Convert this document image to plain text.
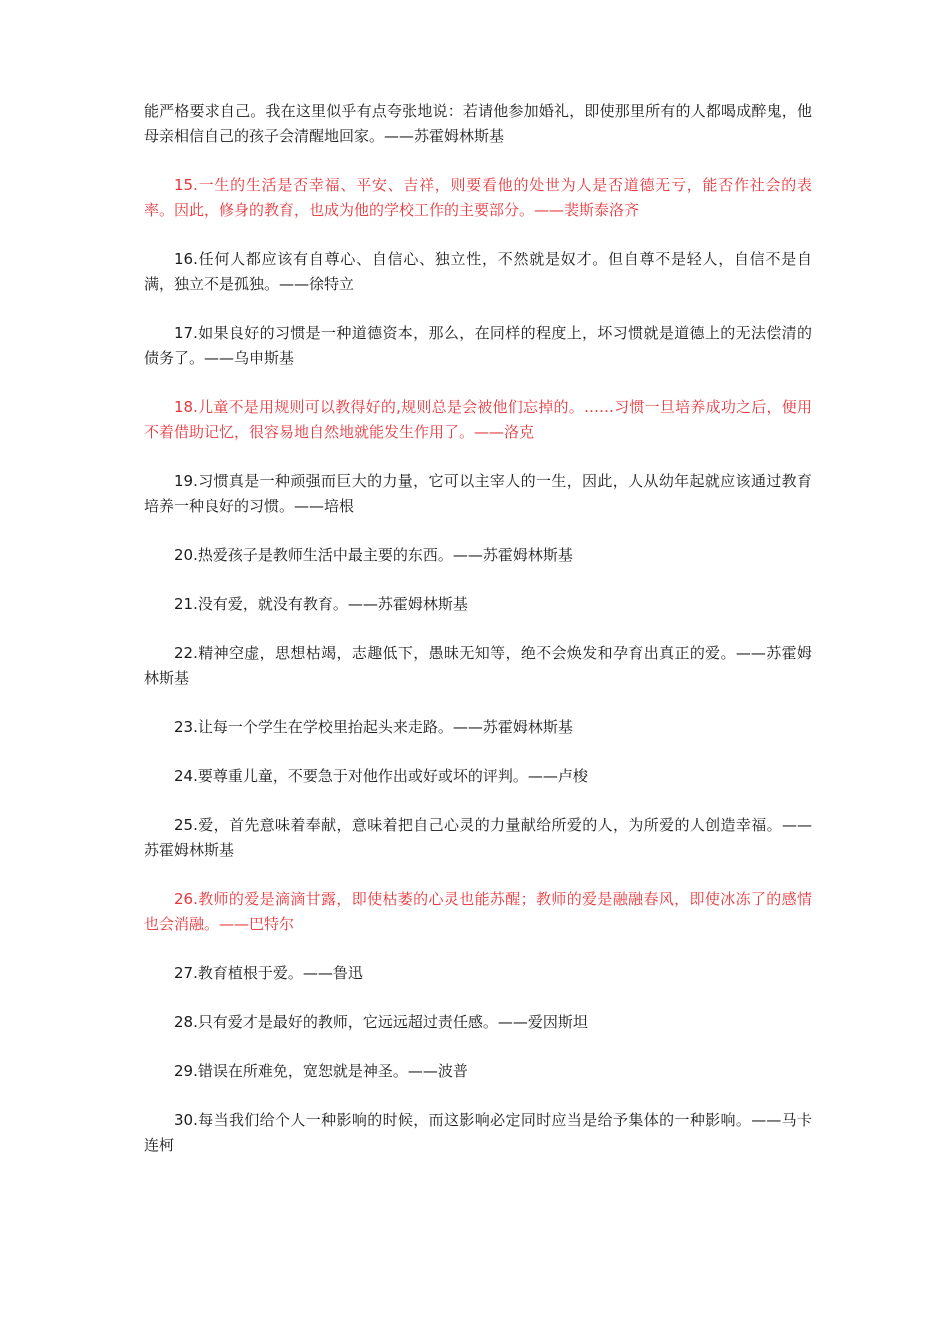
能严格要求自己。我在这里似乎有点夸张地说：若请他参加婚礼，即使那里所有的人都喝成醉鬼，他母亲相信自己的孩子会清醒地回家。——苏霍姆林斯基

15.一生的生活是否幸福、平安、吉祥，则要看他的处世为人是否道德无亏，能否作社会的表率。因此，修身的教育，也成为他的学校工作的主要部分。——裴斯泰洛齐

16.任何人都应该有自尊心、自信心、独立性，不然就是奴才。但自尊不是轻人，自信不是自满，独立不是孤独。——徐特立

17.如果良好的习惯是一种道德资本，那么，在同样的程度上，坏习惯就是道德上的无法偿清的债务了。——乌申斯基

18.儿童不是用规则可以教得好的,规则总是会被他们忘掉的。……习惯一旦培养成功之后，便用不着借助记忆，很容易地自然地就能发生作用了。——洛克

19.习惯真是一种顽强而巨大的力量，它可以主宰人的一生，因此，人从幼年起就应该通过教育培养一种良好的习惯。——培根

20.热爱孩子是教师生活中最主要的东西。——苏霍姆林斯基

21.没有爱，就没有教育。——苏霍姆林斯基

22.精神空虚，思想枯竭，志趣低下，愚昧无知等，绝不会焕发和孕育出真正的爱。——苏霍姆林斯基

23.让每一个学生在学校里抬起头来走路。——苏霍姆林斯基

24.要尊重儿童，不要急于对他作出或好或坏的评判。——卢梭

25.爱，首先意味着奉献，意味着把自己心灵的力量献给所爱的人，为所爱的人创造幸福。——苏霍姆林斯基

26.教师的爱是滴滴甘露，即使枯萎的心灵也能苏醒；教师的爱是融融春风，即使冰冻了的感情也会消融。——巴特尔

27.教育植根于爱。——鲁迅

28.只有爱才是最好的教师，它远远超过责任感。——爱因斯坦

29.错误在所难免，宽恕就是神圣。——波普

30.每当我们给个人一种影响的时候，而这影响必定同时应当是给予集体的一种影响。——马卡连柯
